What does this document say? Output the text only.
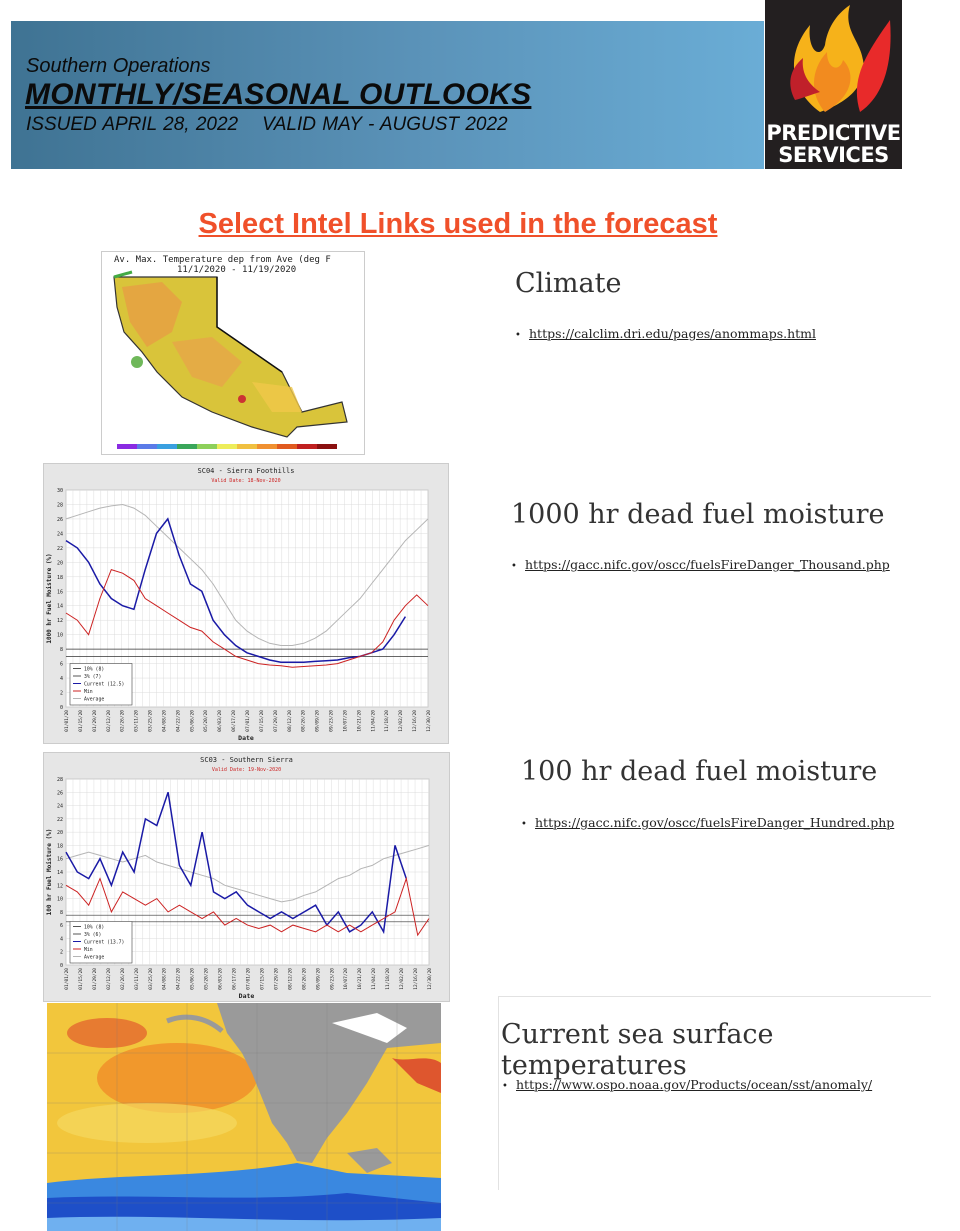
Southern Operations
MONTHLY/SEASONAL OUTLOOKS
ISSUED APRIL 28, 2022 VALID MAY - AUGUST 2022	PREDICTIVE
SERVICES
Select Intel Links used in the forecast
Av. Max. Temperature dep from Ave (deg F
11/1/2020 - 11/19/2020	Climate
• https://calclim.dri.edu/pages/anommaps.html
1000 hr dead fuel moisture
• https://gacc.nifc.gov/oscc/fuelsFireDanger_Thousand.php
100 hr dead fuel moisture
• https://gacc.nifc.gov/oscc/fuelsFireDanger_Hundred.php
Current sea surface temperatures
• https://www.ospo.noaa.gov/Products/ocean/sst/anomaly/
SC04 - Sierra Foothills
Valid Date: 18-Nov-2020
0
2
4
6
8
10
12
14
16
18
20
22
24
26
28
30
01/01/20 01/15/20 01/29/20 02/12/20 02/26/20 03/11/20 03/25/20 04/08/20 04/22/20 05/06/20 05/20/20 06/03/20 06/17/20 07/01/20 07/15/20 07/29/20 08/12/20 08/26/20 09/09/20 09/23/20 10/07/20 10/21/20 11/04/20 11/18/20 12/02/20 12/16/20 12/30/20
Date
1000 hr Fuel Moisture (%)
10% (8)
3% (7)
Current (12.5)
Min
Average
SC03 - Southern Sierra
Valid Date: 19-Nov-2020
0
2
4
6
8
10
12
14
16
18
20
22
24
26
28
01/01/20 01/15/20 01/29/20 02/12/20 02/26/20 03/11/20 03/25/20 04/08/20 04/22/20 05/06/20 05/20/20 06/03/20 06/17/20 07/01/20 07/15/20 07/29/20 08/12/20 08/26/20 09/09/20 09/23/20 10/07/20 10/21/20 11/04/20 11/18/20 12/02/20 12/16/20 12/30/20
Date
100 hr Fuel Moisture (%)
10% (8)
3% (6)
Current (13.7)
Min
Average
